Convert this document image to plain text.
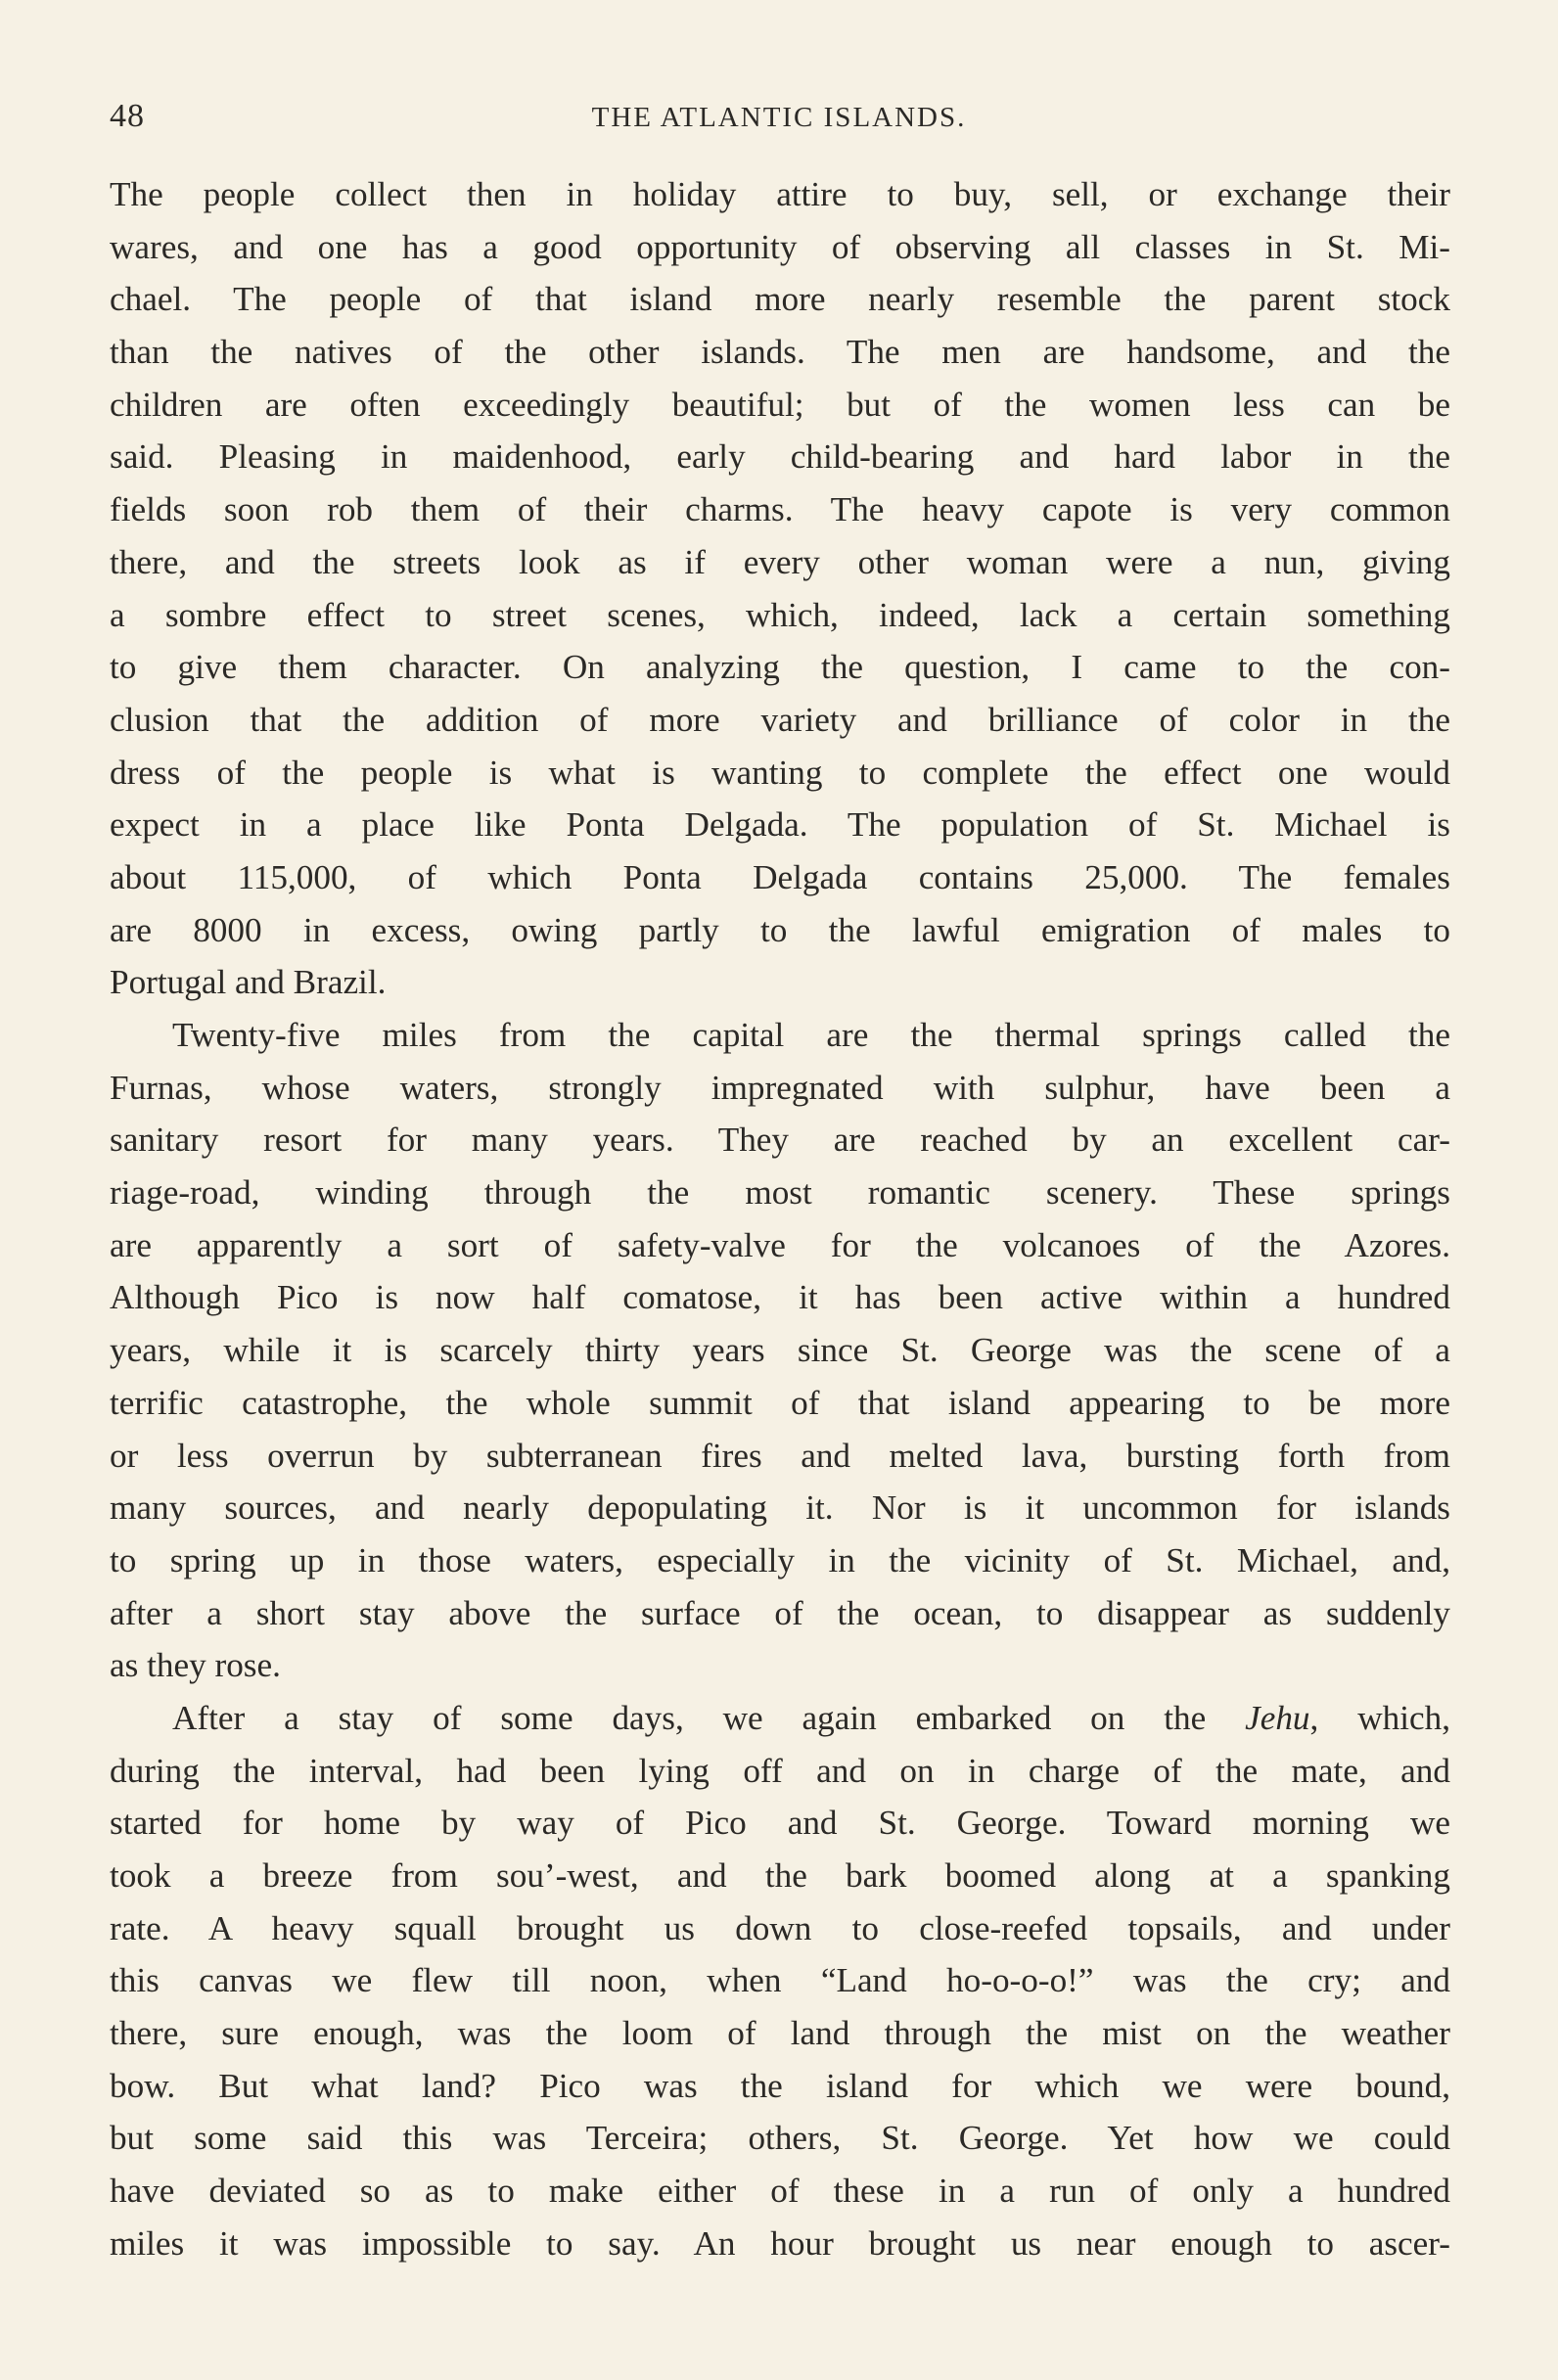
48	THE ATLANTIC ISLANDS.
The people collect then in holiday attire to buy, sell, or exchange their
wares, and one has a good opportunity of observing all classes in St. Mi-
chael. The people of that island more nearly resemble the parent stock
than the natives of the other islands. The men are handsome, and the
children are often exceedingly beautiful; but of the women less can be
said. Pleasing in maidenhood, early child-bearing and hard labor in the
fields soon rob them of their charms. The heavy capote is very common
there, and the streets look as if every other woman were a nun, giving
a sombre effect to street scenes, which, indeed, lack a certain something
to give them character. On analyzing the question, I came to the con-
clusion that the addition of more variety and brilliance of color in the
dress of the people is what is wanting to complete the effect one would
expect in a place like Ponta Delgada. The population of St. Michael is
about 115,000, of which Ponta Delgada contains 25,000. The females
are 8000 in excess, owing partly to the lawful emigration of males to
Portugal and Brazil.
Twenty-five miles from the capital are the thermal springs called the
Furnas, whose waters, strongly impregnated with sulphur, have been a
sanitary resort for many years. They are reached by an excellent car-
riage-road, winding through the most romantic scenery. These springs
are apparently a sort of safety-valve for the volcanoes of the Azores.
Although Pico is now half comatose, it has been active within a hundred
years, while it is scarcely thirty years since St. George was the scene of a
terrific catastrophe, the whole summit of that island appearing to be more
or less overrun by subterranean fires and melted lava, bursting forth from
many sources, and nearly depopulating it. Nor is it uncommon for islands
to spring up in those waters, especially in the vicinity of St. Michael, and,
after a short stay above the surface of the ocean, to disappear as suddenly
as they rose.
After a stay of some days, we again embarked on the Jehu, which,
during the interval, had been lying off and on in charge of the mate, and
started for home by way of Pico and St. George. Toward morning we
took a breeze from sou’-west, and the bark boomed along at a spanking
rate. A heavy squall brought us down to close-reefed topsails, and under
this canvas we flew till noon, when “Land ho-o-o-o!” was the cry; and
there, sure enough, was the loom of land through the mist on the weather
bow. But what land? Pico was the island for which we were bound,
but some said this was Terceira; others, St. George. Yet how we could
have deviated so as to make either of these in a run of only a hundred
miles it was impossible to say. An hour brought us near enough to ascer-
